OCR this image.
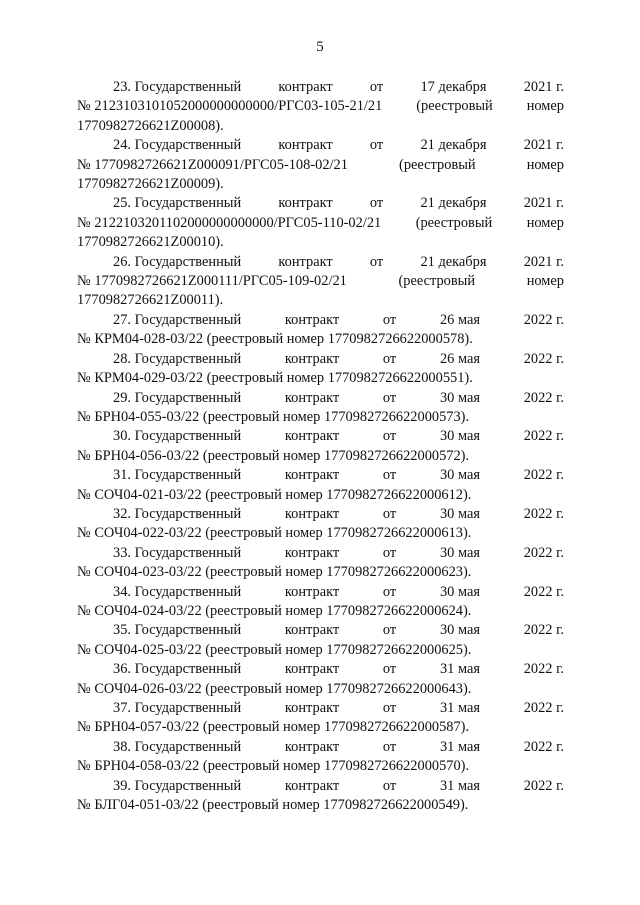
5
23. Государственный	контракт	от	17 декабря	2021 г.
№ 2123103101052000000000000/РГС03-105-21/21 (реестровый номер
1770982726621Z00008).
24. Государственный	контракт	от	21 декабря	2021 г.
№ 1770982726621Z000091/РГС05-108-02/21	(реестровый	номер
1770982726621Z00009).
25. Государственный	контракт	от	21 декабря	2021 г.
№ 2122103201102000000000000/РГС05-110-02/21 (реестровый номер
1770982726621Z00010).
26. Государственный	контракт	от	21 декабря	2021 г.
№ 1770982726621Z000111/РГС05-109-02/21	(реестровый	номер
1770982726621Z00011).
27. Государственный	контракт	от	26 мая	2022 г.
№ КРМ04-028-03/22 (реестровый номер 1770982726622000578).
28. Государственный	контракт	от	26 мая	2022 г.
№ КРМ04-029-03/22 (реестровый номер 1770982726622000551).
29. Государственный	контракт	от	30 мая	2022 г.
№ БРН04-055-03/22 (реестровый номер 1770982726622000573).
30. Государственный	контракт	от	30 мая	2022 г.
№ БРН04-056-03/22 (реестровый номер 1770982726622000572).
31. Государственный	контракт	от	30 мая	2022 г.
№ СОЧ04-021-03/22 (реестровый номер 1770982726622000612).
32. Государственный	контракт	от	30 мая	2022 г.
№ СОЧ04-022-03/22 (реестровый номер 1770982726622000613).
33. Государственный	контракт	от	30 мая	2022 г.
№ СОЧ04-023-03/22 (реестровый номер 1770982726622000623).
34. Государственный	контракт	от	30 мая	2022 г.
№ СОЧ04-024-03/22 (реестровый номер 1770982726622000624).
35. Государственный	контракт	от	30 мая	2022 г.
№ СОЧ04-025-03/22 (реестровый номер 1770982726622000625).
36. Государственный	контракт	от	31 мая	2022 г.
№ СОЧ04-026-03/22 (реестровый номер 1770982726622000643).
37. Государственный	контракт	от	31 мая	2022 г.
№ БРН04-057-03/22 (реестровый номер 1770982726622000587).
38. Государственный	контракт	от	31 мая	2022 г.
№ БРН04-058-03/22 (реестровый номер 1770982726622000570).
39. Государственный	контракт	от	31 мая	2022 г.
№ БЛГ04-051-03/22 (реестровый номер 1770982726622000549).
